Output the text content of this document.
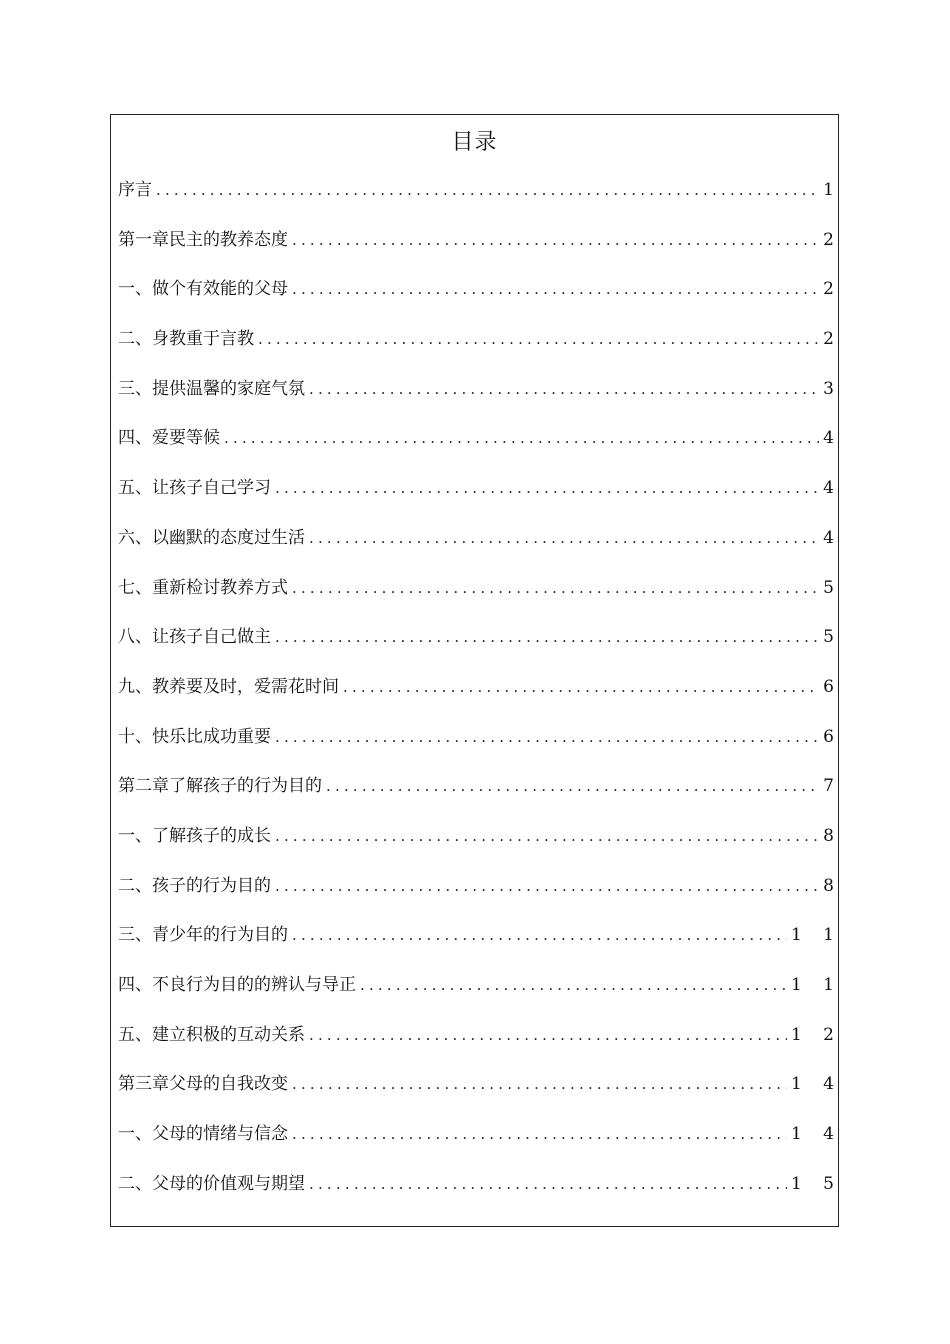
目录
序言 .....	1
第一章民主的教养态度 .....	2
一、做个有效能的父母 .....	2
二、身教重于言教 .....	2
三、提供温馨的家庭气氛 .....	3
四、爱要等候 .....	4
五、让孩子自己学习 .....	4
六、以幽默的态度过生活 .....	4
七、重新检讨教养方式 .....	5
八、让孩子自己做主 .....	5
九、教养要及时，爱需花时间 .....	6
十、快乐比成功重要 .....	6
第二章了解孩子的行为目的 .....	7
一、了解孩子的成长 .....	8
二、孩子的行为目的 .....	8
三、青少年的行为目的 .....	1 1
四、不良行为目的的辨认与导正 .....	1 1
五、建立积极的互动关系 .....	1 2
第三章父母的自我改变 .....	1 4
一、父母的情绪与信念 .....	1 4
二、父母的价值观与期望 .....	1 5
